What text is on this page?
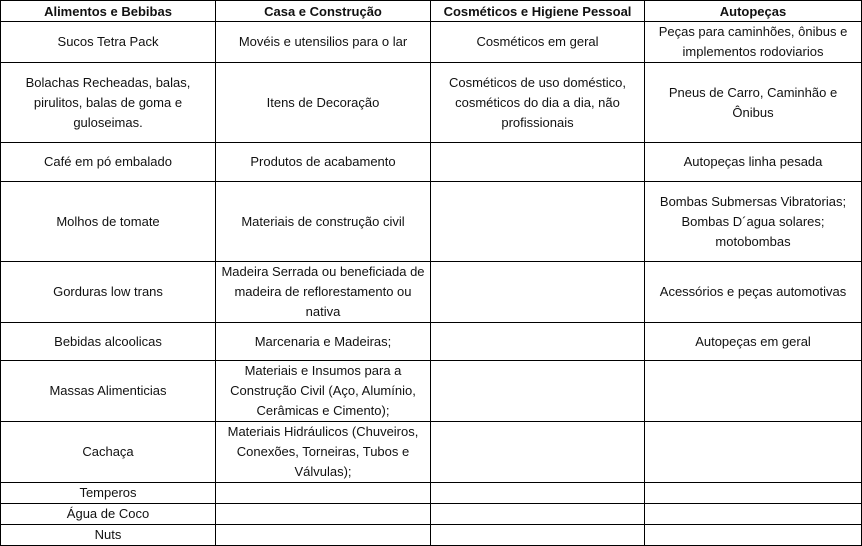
Alimentos e Bebibas	Casa e Construção	Cosméticos e Higiene Pessoal	Autopeças
Sucos Tetra Pack	Movéis e utensilios para o lar	Cosméticos em geral	Peças para caminhões, ônibus e implementos rodoviarios
Bolachas Recheadas, balas, pirulitos, balas de goma e guloseimas.	Itens de Decoração	Cosméticos de uso doméstico, cosméticos do dia a dia, não profissionais	Pneus de Carro, Caminhão e Ônibus
Café em pó embalado	Produtos de acabamento		Autopeças linha pesada
Molhos de tomate	Materiais de construção civil		Bombas Submersas Vibratorias; Bombas D´agua solares; motobombas
Gorduras low trans	Madeira Serrada ou beneficiada de madeira de reflorestamento ou nativa		Acessórios e peças automotivas
Bebidas alcoolicas	Marcenaria e Madeiras;		Autopeças em geral
Massas Alimenticias	Materiais e Insumos para a Construção Civil (Aço, Alumínio, Cerâmicas e Cimento);		
Cachaça	Materiais Hidráulicos (Chuveiros, Conexões, Torneiras, Tubos e Válvulas);		
Temperos			
Água de Coco			
Nuts			
